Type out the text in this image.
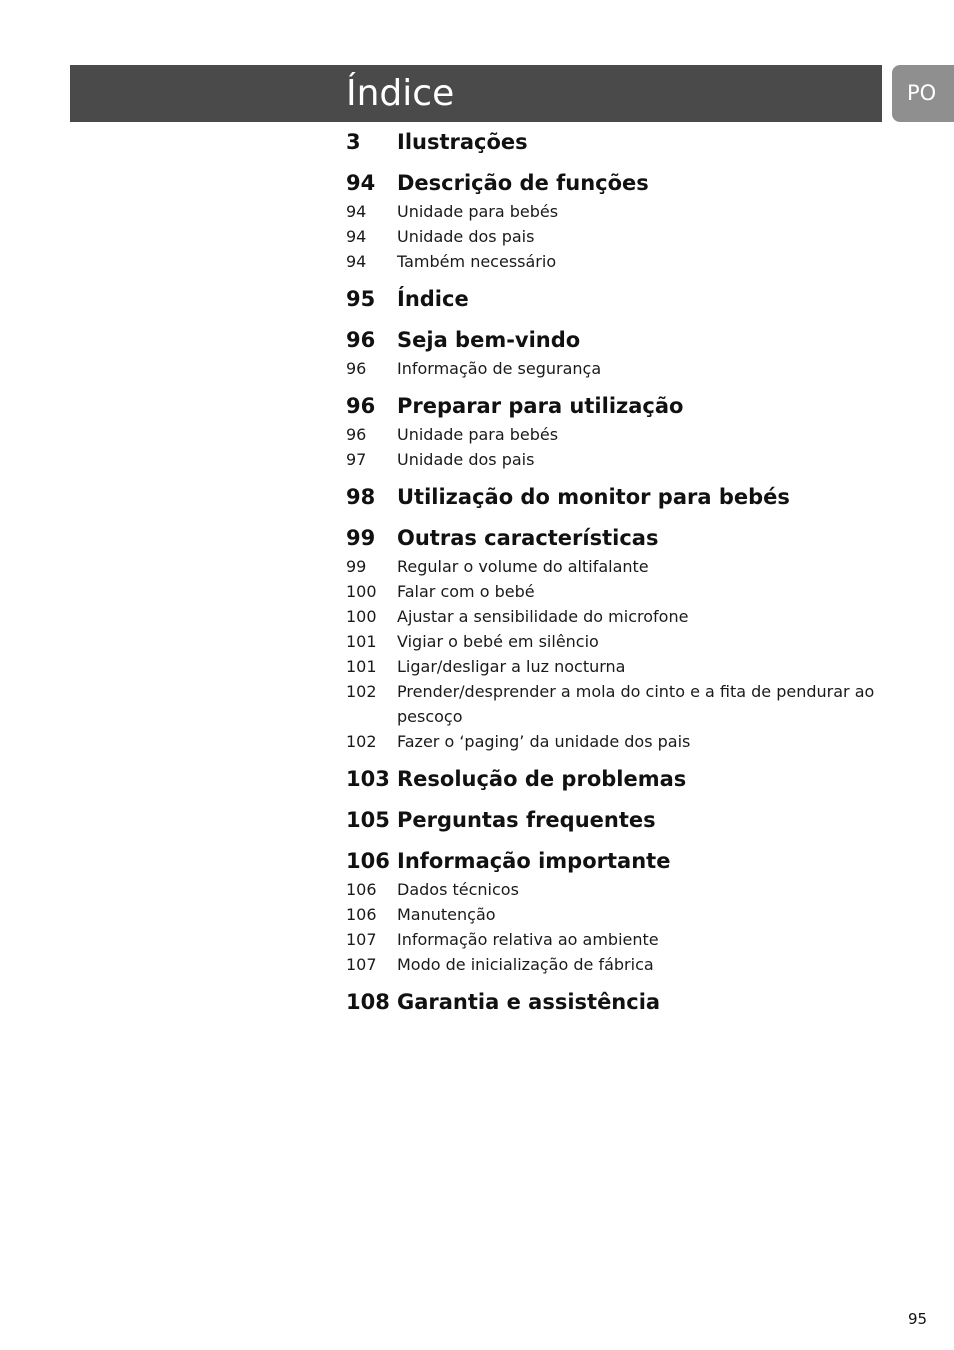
Índice	PO
3	Ilustrações
94	Descrição de funções
94	Unidade para bebés
94	Unidade dos pais
94	Também necessário
95	Índice
96	Seja bem-vindo
96	Informação de segurança
96	Preparar para utilização
96	Unidade para bebés
97	Unidade dos pais
98	Utilização do monitor para bebés
99	Outras características
99	Regular o volume do altifalante
100	Falar com o bebé
100	Ajustar a sensibilidade do microfone
101	Vigiar o bebé em silêncio
101	Ligar/desligar a luz nocturna
102	Prender/desprender a mola do cinto e a fita de pendurar ao pescoço
102	Fazer o ‘paging’ da unidade dos pais
103 Resolução de problemas
105 Perguntas frequentes
106 Informação importante
106	Dados técnicos
106	Manutenção
107	Informação relativa ao ambiente
107	Modo de inicialização de fábrica
108 Garantia e assistência
95
